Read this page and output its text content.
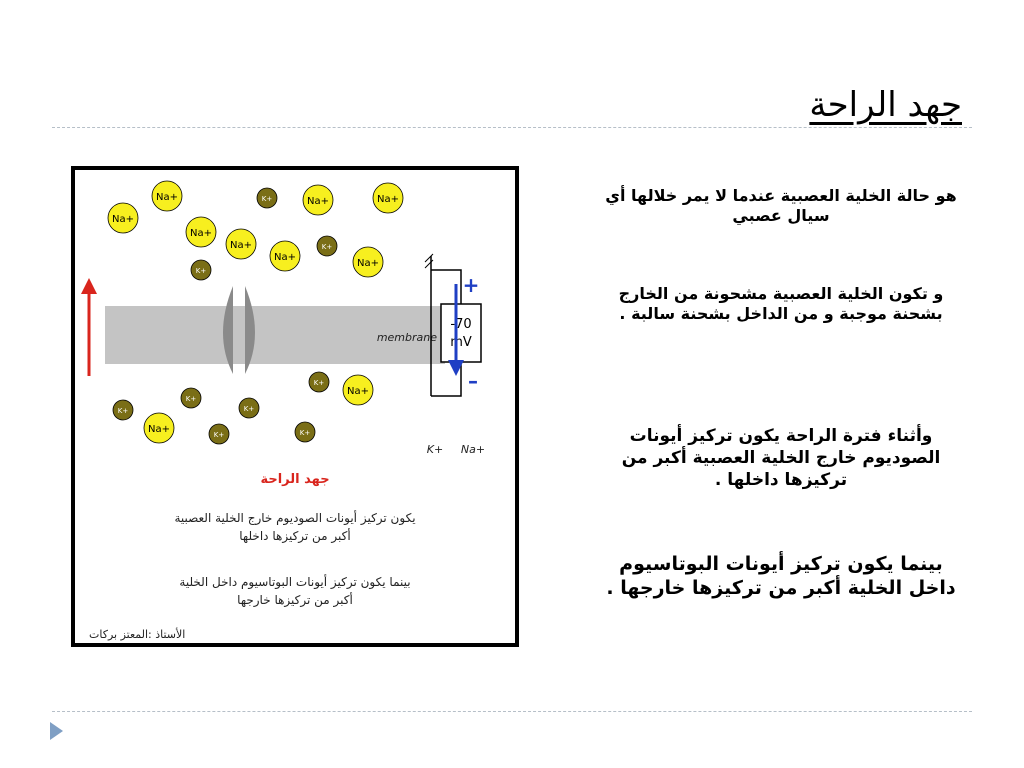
جهد الراحة
membrane
-70
mV
+
–
K+ Na+
Na+	K+	Na+	Na+
Na+
Na+
Na+
Na+
K+
Na+
K+
K+
Na+
K+
K+	K+
Na+	K+
K+
جهد الراحة
يكون تركيز أيونات الصوديوم خارج الخلية العصبية
أكبر من تركيزها داخلها
بينما يكون تركيز أيونات البوتاسيوم داخل الخلية
أكبر من تركيزها خارجها
الأستاذ :المعتز بركات
هو حالة الخلية العصبية عندما لا يمر خلالها أي سيال عصبي
و تكون الخلية العصبية مشحونة من الخارج بشحنة موجبة و من الداخل بشحنة سالبة .
وأثناء فترة الراحة يكون تركيز أيونات الصوديوم خارج الخلية العصبية أكبر من تركيزها داخلها .
بينما يكون تركيز أيونات البوتاسيوم داخل الخلية أكبر من تركيزها خارجها .
